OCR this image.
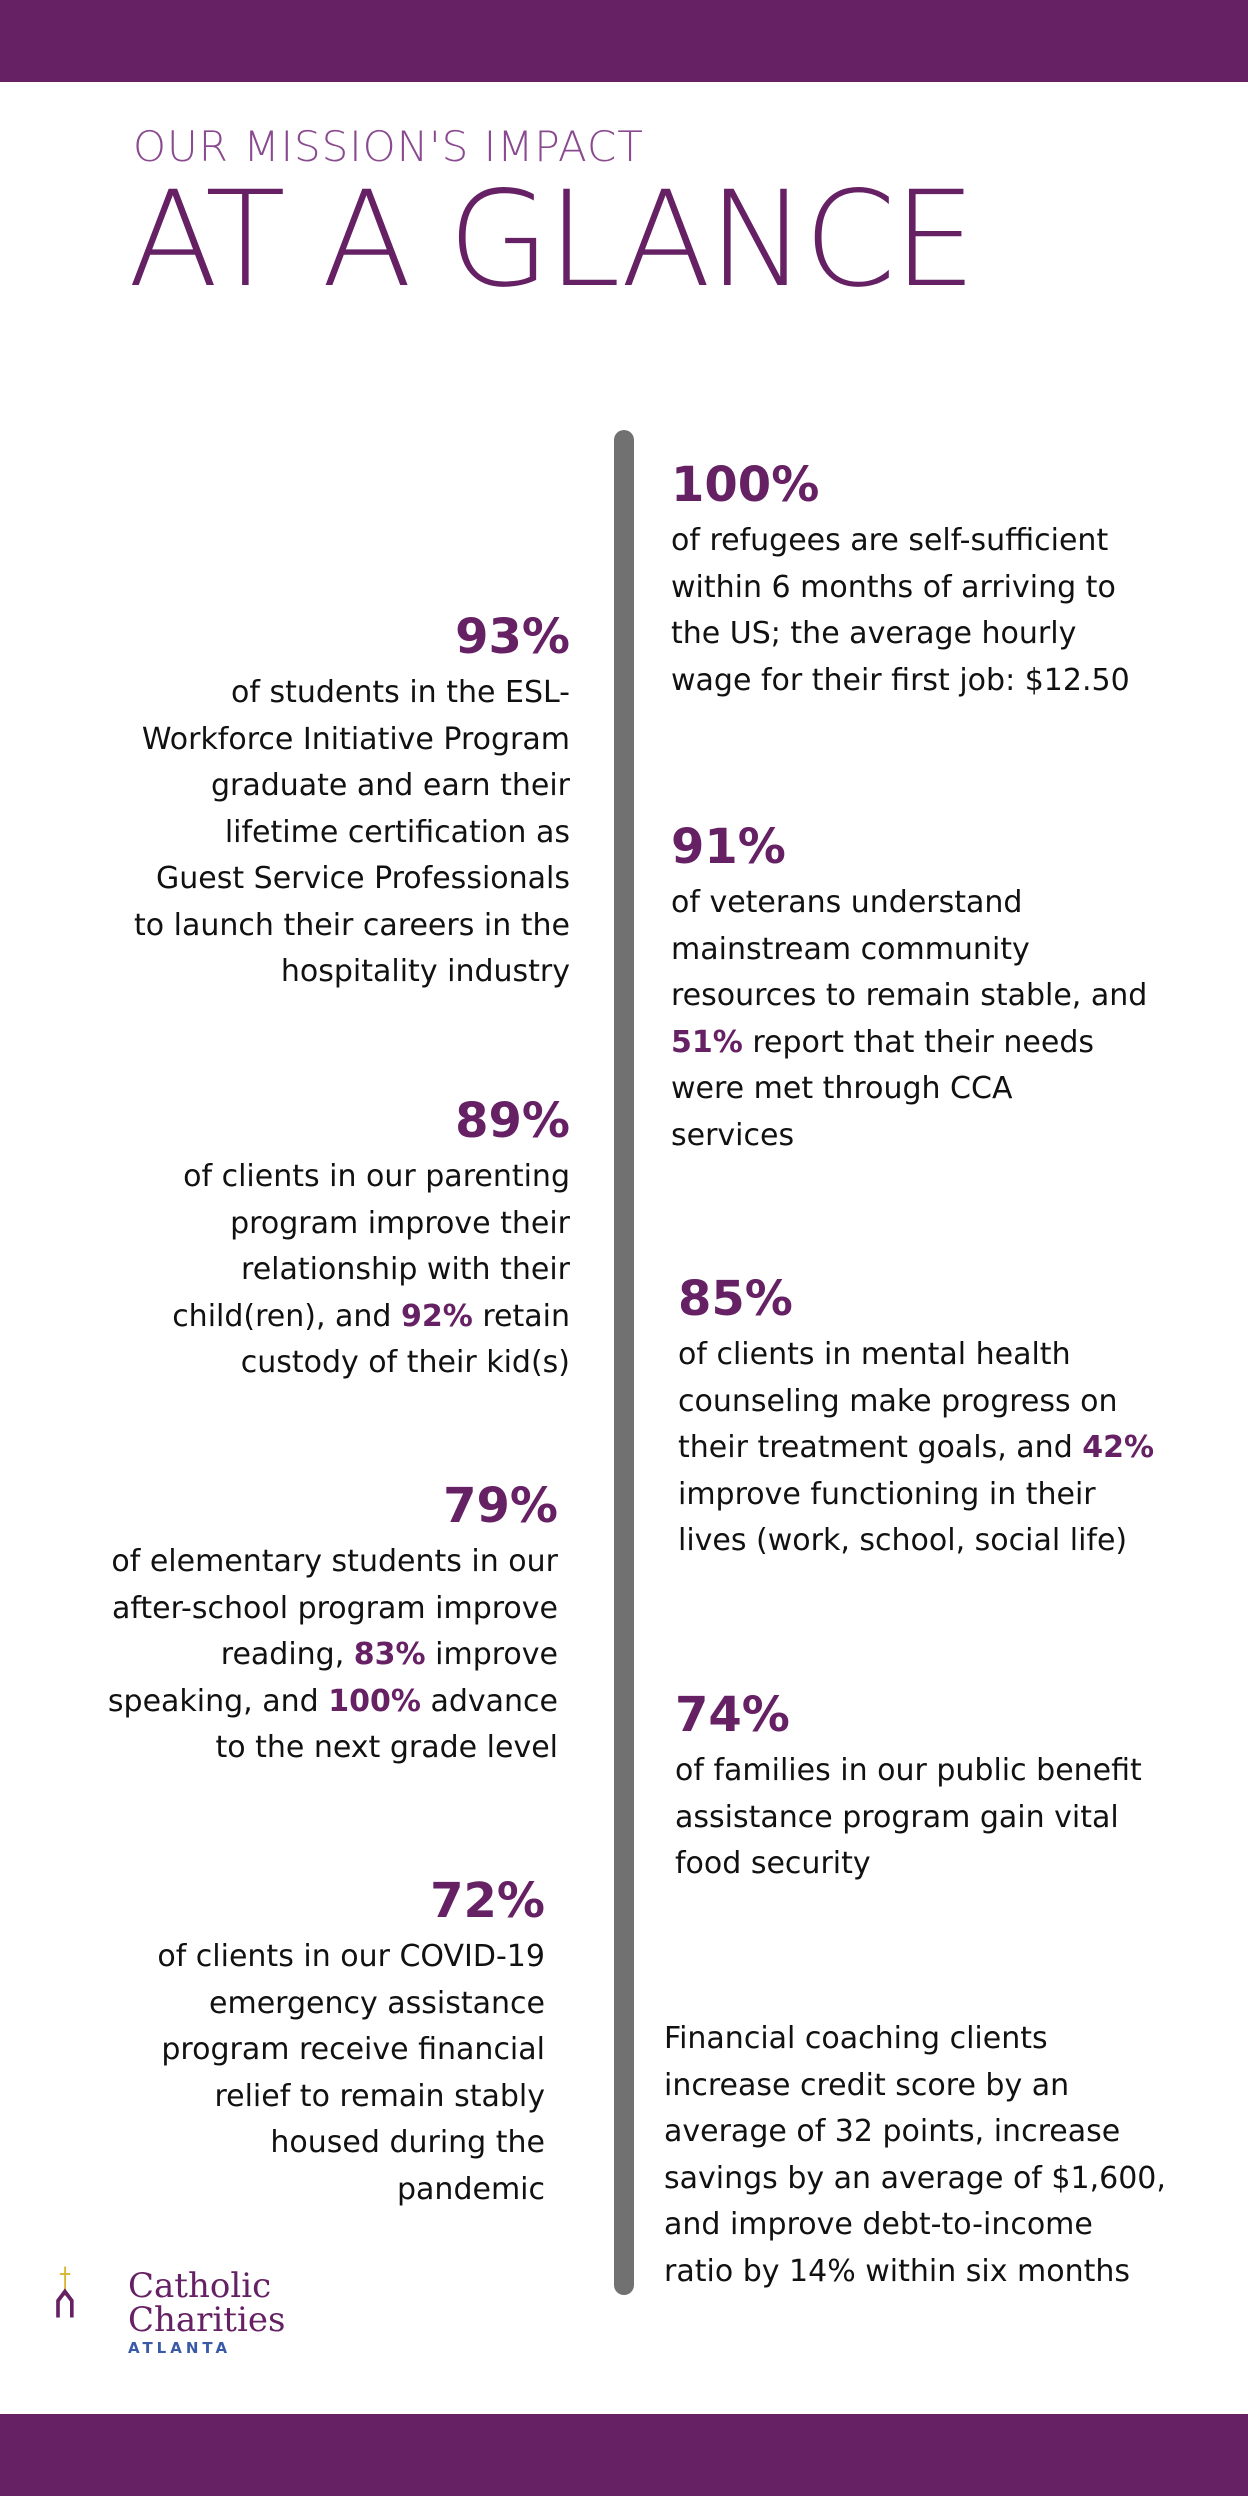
OUR MISSION'S IMPACT
AT A GLANCE
93%
of students in the ESL-
Workforce Initiative Program
graduate and earn their
lifetime certification as
Guest Service Professionals
to launch their careers in the
hospitality industry
89%
of clients in our parenting
program improve their
relationship with their
child(ren), and 92% retain
custody of their kid(s)
79%
of elementary students in our
after-school program improve
reading, 83% improve
speaking, and 100% advance
to the next grade level
72%
of clients in our COVID-19
emergency assistance
program receive financial
relief to remain stably
housed during the
pandemic
100%
of refugees are self-sufficient
within 6 months of arriving to
the US; the average hourly
wage for their first job: $12.50
91%
of veterans understand
mainstream community
resources to remain stable, and
51% report that their needs
were met through CCA
services
85%
of clients in mental health
counseling make progress on
their treatment goals, and 42%
improve functioning in their
lives (work, school, social life)
74%
of families in our public benefit
assistance program gain vital
food security
Financial coaching clients
increase credit score by an
average of 32 points, increase
savings by an average of $1,600,
and improve debt-to-income
ratio by 14% within six months
Catholic
Charities
ATLANTA
